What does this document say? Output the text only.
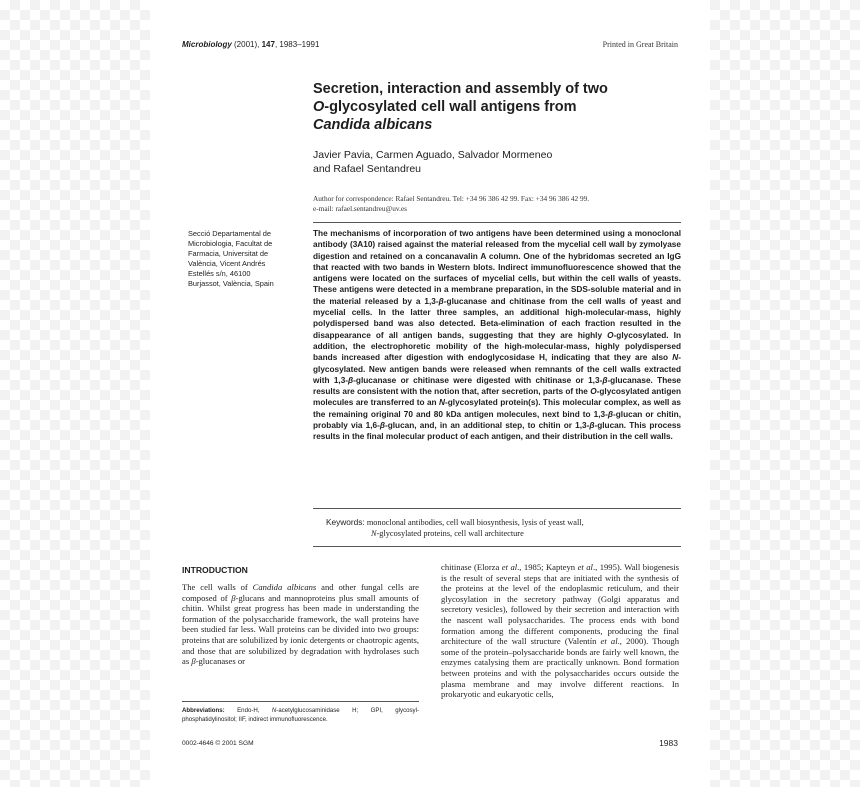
Microbiology (2001), 147, 1983–1991	Printed in Great Britain
Secretion, interaction and assembly of two
O-glycosylated cell wall antigens from
Candida albicans
Javier Pavia, Carmen Aguado, Salvador Mormeneo
and Rafael Sentandreu
Author for correspondence: Rafael Sentandreu. Tel: +34 96 386 42 99. Fax: +34 96 386 42 99.
e-mail: rafael.sentandreu@uv.es
Secció Departamental de
Microbiologia, Facultat de
Farmacia, Universitat de
València, Vicent Andrés
Estellés s/n, 46100
Burjassot, València, Spain
The mechanisms of incorporation of two antigens have been determined using a monoclonal antibody (3A10) raised against the material released from the mycelial cell wall by zymolyase digestion and retained on a concanavalin A column. One of the hybridomas secreted an IgG that reacted with two bands in Western blots. Indirect immunofluorescence showed that the antigens were located on the surfaces of mycelial cells, but within the cell walls of yeasts. These antigens were detected in a membrane preparation, in the SDS-soluble material and in the material released by a 1,3-β-glucanase and chitinase from the cell walls of yeast and mycelial cells. In the latter three samples, an additional high-molecular-mass, highly polydispersed band was also detected. Beta-elimination of each fraction resulted in the disappearance of all antigen bands, suggesting that they are highly O-glycosylated. In addition, the electrophoretic mobility of the high-molecular-mass, highly polydispersed bands increased after digestion with endoglycosidase H, indicating that they are also N-glycosylated. New antigen bands were released when remnants of the cell walls extracted with 1,3-β-glucanase or chitinase were digested with chitinase or 1,3-β-glucanase. These results are consistent with the notion that, after secretion, parts of the O-glycosylated antigen molecules are transferred to an N-glycosylated protein(s). This molecular complex, as well as the remaining original 70 and 80 kDa antigen molecules, next bind to 1,3-β-glucan or chitin, probably via 1,6-β-glucan, and, in an additional step, to chitin or 1,3-β-glucan. This process results in the final molecular product of each antigen, and their distribution in the cell walls.
Keywords: monoclonal antibodies, cell wall biosynthesis, lysis of yeast wall,
N-glycosylated proteins, cell wall architecture
INTRODUCTION
The cell walls of Candida albicans and other fungal cells are composed of β-glucans and mannoproteins plus small amounts of chitin. Whilst great progress has been made in understanding the formation of the polysaccharide framework, the wall proteins have been studied far less. Wall proteins can be divided into two groups: proteins that are solubilized by ionic detergents or chaotropic agents, and those that are solubilized by degradation with hydrolases such as β-glucanases or
chitinase (Elorza et al., 1985; Kapteyn et al., 1995). Wall biogenesis is the result of several steps that are initiated with the synthesis of the proteins at the level of the endoplasmic reticulum, and their glycosylation in the secretory pathway (Golgi apparatus and secretory vesicles), followed by their secretion and interaction with the nascent wall polysaccharides. The process ends with bond formation among the different components, producing the final architecture of the wall structure (Valentín et al., 2000). Though some of the protein–polysaccharide bonds are fairly well known, the enzymes catalysing them are practically unknown. Bond formation between proteins and with the polysaccharides occurs outside the plasma membrane and may involve different reactions. In prokaryotic and eukaryotic cells,
Abbreviations: Endo-H, N-acetylglucosaminidase H; GPI, glycosyl-phosphatidylinositol; IIF, indirect immunofluorescence.
0002-4646 © 2001 SGM	1983
